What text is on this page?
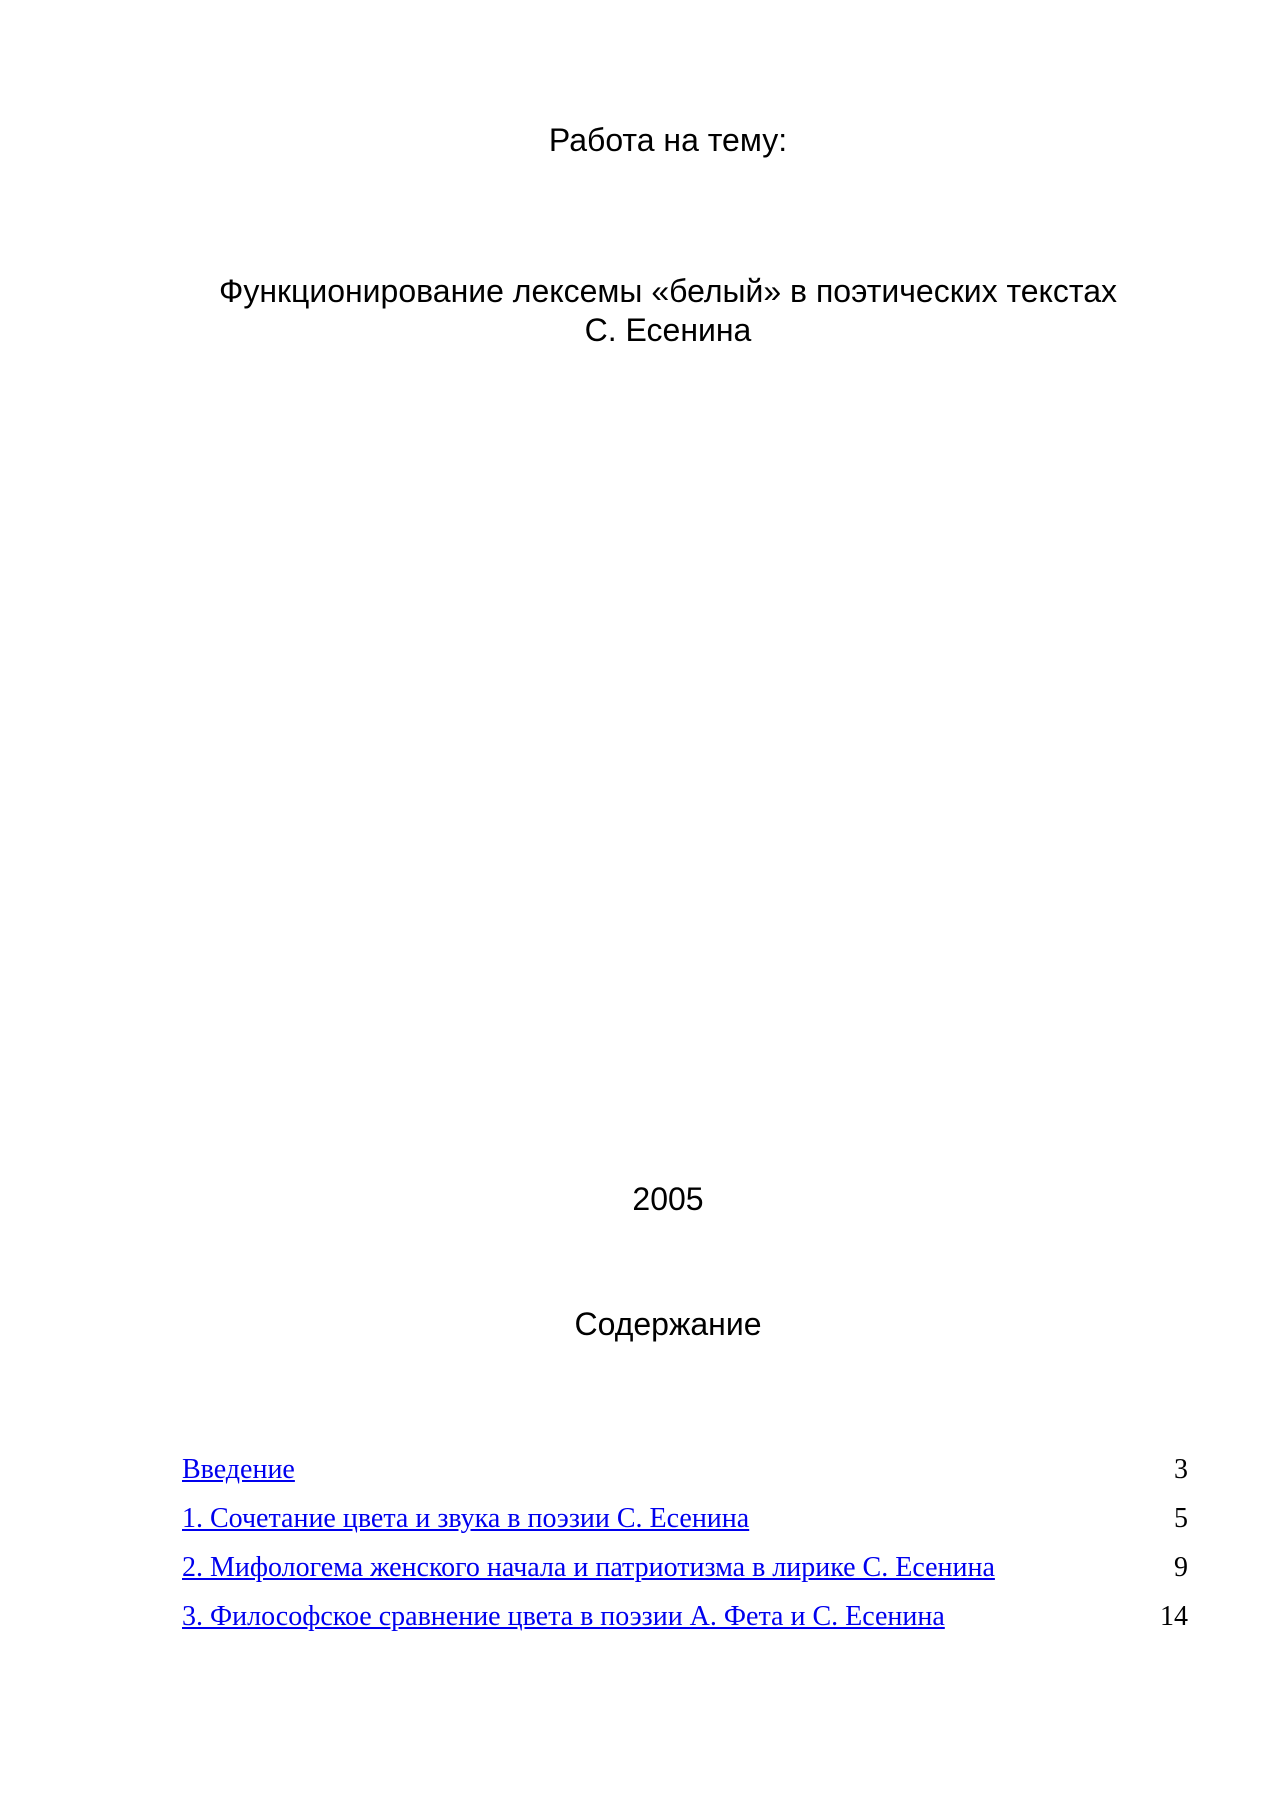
Работа на тему:
Функционирование лексемы «белый» в поэтических текстах
С. Есенина
2005
Содержание
Введение	3
1. Сочетание цвета и звука в поэзии С. Есенина	5
2. Мифологема женского начала и патриотизма в лирике С. Есенина	9
3. Философское сравнение цвета в поэзии А. Фета и С. Есенина	14
